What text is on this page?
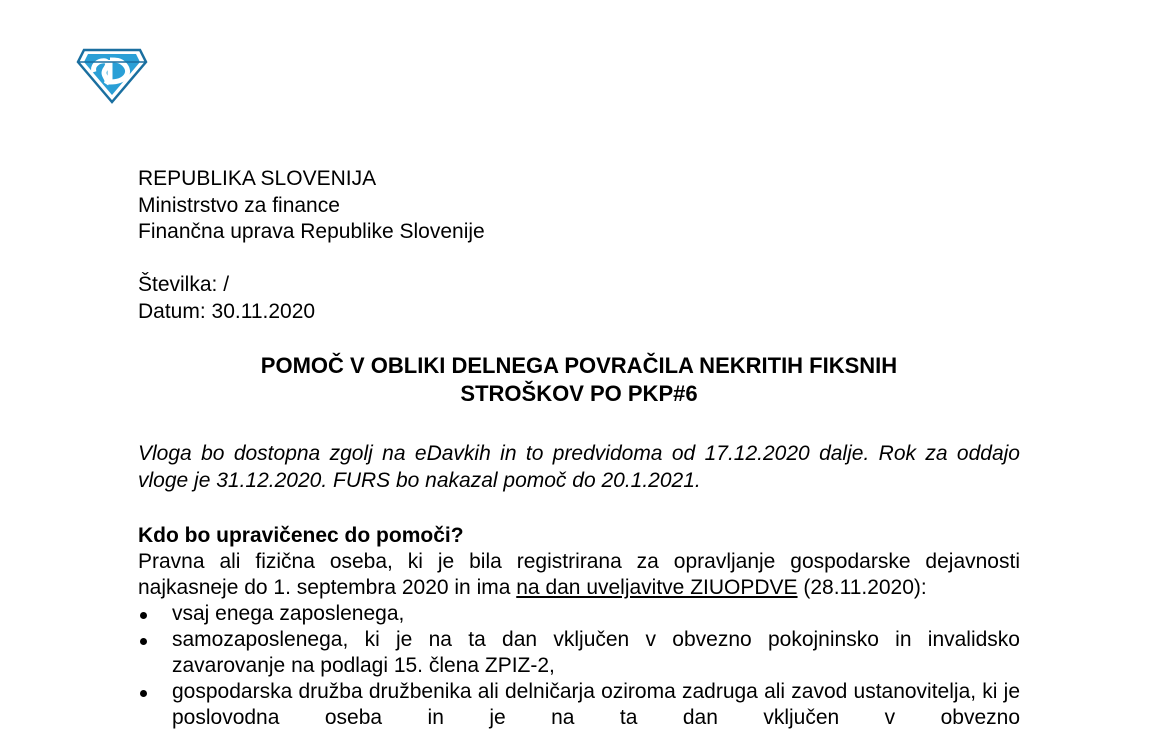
REPUBLIKA SLOVENIJA
Ministrstvo za finance
Finančna uprava Republike Slovenije
Številka: /
Datum: 30.11.2020
POMOČ V OBLIKI DELNEGA POVRAČILA NEKRITIH FIKSNIH
STROŠKOV PO PKP#6
Vloga bo dostopna zgolj na eDavkih in to predvidoma od 17.12.2020 dalje. Rok za oddajo vloge je 31.12.2020. FURS bo nakazal pomoč do 20.1.2021.
Kdo bo upravičenec do pomoči?
Pravna ali fizična oseba, ki je bila registrirana za opravljanje gospodarske dejavnosti najkasneje do 1. septembra 2020 in ima na dan uveljavitve ZIUOPDVE (28.11.2020):
vsaj enega zaposlenega,
samozaposlenega, ki je na ta dan vključen v obvezno pokojninsko in invalidsko zavarovanje na podlagi 15. člena ZPIZ-2,
gospodarska družba družbenika ali delničarja oziroma zadruga ali zavod ustanovitelja, ki je poslovodna oseba in je na ta dan vključen v obvezno
